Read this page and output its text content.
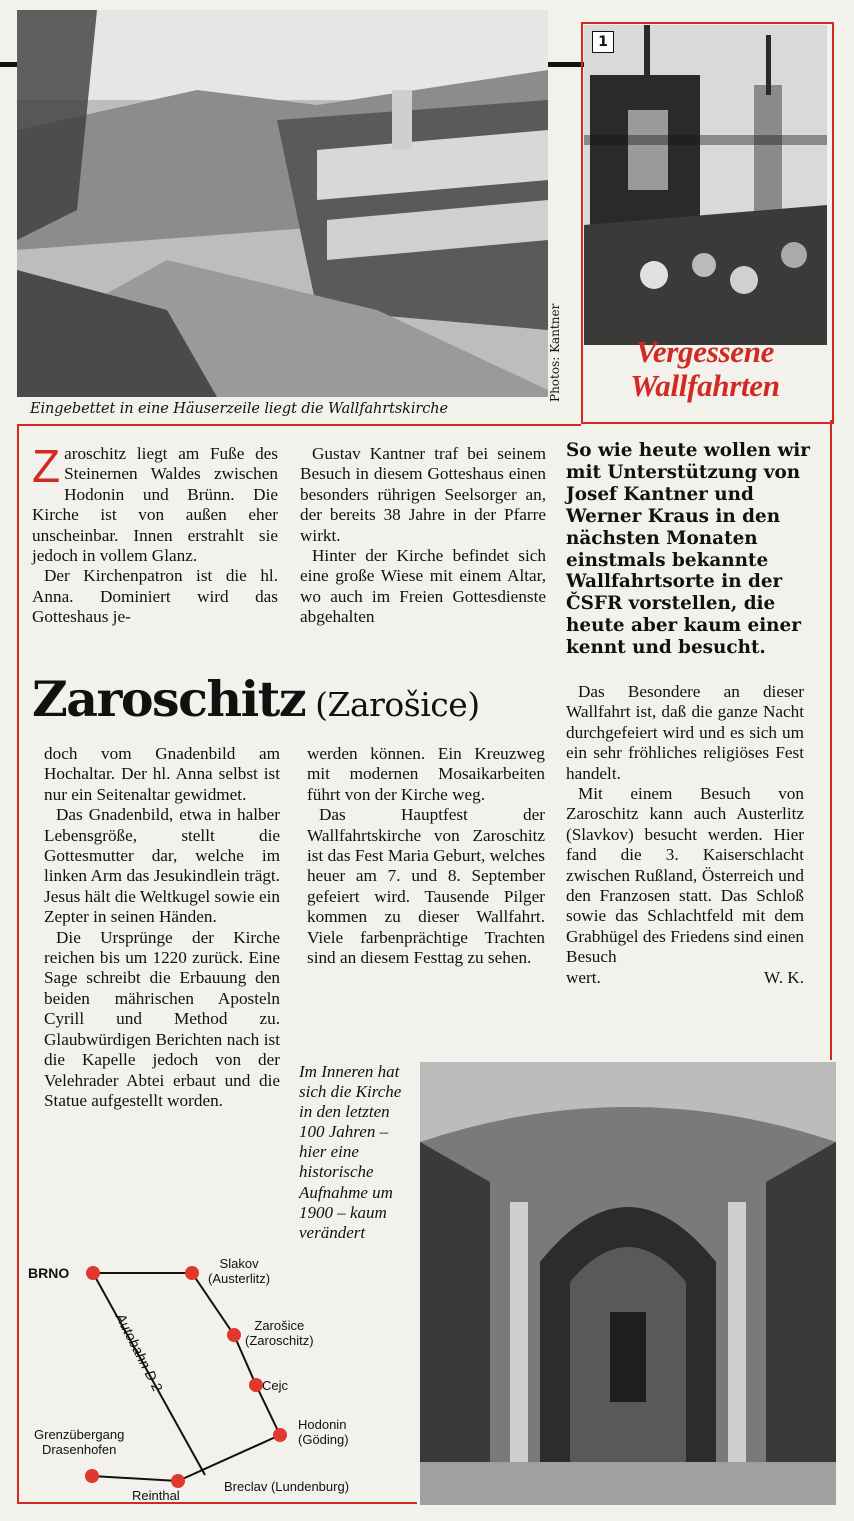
Eingebettet in eine Häuserzeile liegt die Wallfahrtskirche
Photos: Kantner
1
Vergessene
Wallfahrten

Zaroschitz liegt am Fuße des Steinernen Waldes zwischen Hodonin und Brünn. Die Kirche ist von außen eher unscheinbar. Innen erstrahlt sie jedoch in vollem Glanz.

Der Kirchenpatron ist die hl. Anna. Dominiert wird das Gotteshaus je-

Gustav Kantner traf bei seinem Besuch in diesem Gotteshaus einen besonders rührigen Seelsorger an, der bereits 38 Jahre in der Pfarre wirkt.

Hinter der Kirche befindet sich eine große Wiese mit einem Altar, wo auch im Freien Gottesdienste abgehalten

So wie heute wollen wir mit Unterstützung von Josef Kantner und Werner Kraus in den nächsten Monaten einstmals bekannte Wallfahrtsorte in der ČSFR vorstellen, die heute aber kaum einer kennt und besucht.
Zaroschitz (Zarošice)

doch vom Gnadenbild am Hochaltar. Der hl. Anna selbst ist nur ein Seitenaltar gewidmet.

Das Gnadenbild, etwa in halber Lebensgröße, stellt die Gottesmutter dar, welche im linken Arm das Jesukindlein trägt. Jesus hält die Weltkugel sowie ein Zepter in seinen Händen.

Die Ursprünge der Kirche reichen bis um 1220 zurück. Eine Sage schreibt die Erbauung den beiden mährischen Aposteln Cyrill und Method zu. Glaubwürdigen Berichten nach ist die Kapelle jedoch von der Velehrader Abtei erbaut und die Statue aufgestellt worden.

werden können. Ein Kreuzweg mit modernen Mosaikarbeiten führt von der Kirche weg.

Das Hauptfest der Wallfahrtskirche von Zaroschitz ist das Fest Maria Geburt, welches heuer am 7. und 8. September gefeiert wird. Tausende Pilger kommen zu dieser Wallfahrt. Viele farbenprächtige Trachten sind an diesem Festtag zu sehen.

Das Besondere an dieser Wallfahrt ist, daß die ganze Nacht durchgefeiert wird und es sich um ein sehr fröhliches religiöses Fest handelt.

Mit einem Besuch von Zaroschitz kann auch Austerlitz (Slavkov) besucht werden. Hier fand die 3. Kaiserschlacht zwischen Rußland, Österreich und den Franzosen statt. Das Schloß sowie das Schlachtfeld mit dem Grabhügel des Friedens sind einen Besuch

wert.	W. K.
Im Inneren hat sich die Kirche in den letzten 100 Jahren – hier eine historische Aufnahme um 1900 – kaum verändert
BRNO
Slakov
(Austerlitz)
Zarošice
(Zaroschitz)
Cejc
Hodonin
(Göding)
Breclav (Lundenburg)
Reinthal
Grenzübergang
Drasenhofen
Autobahn D 2
